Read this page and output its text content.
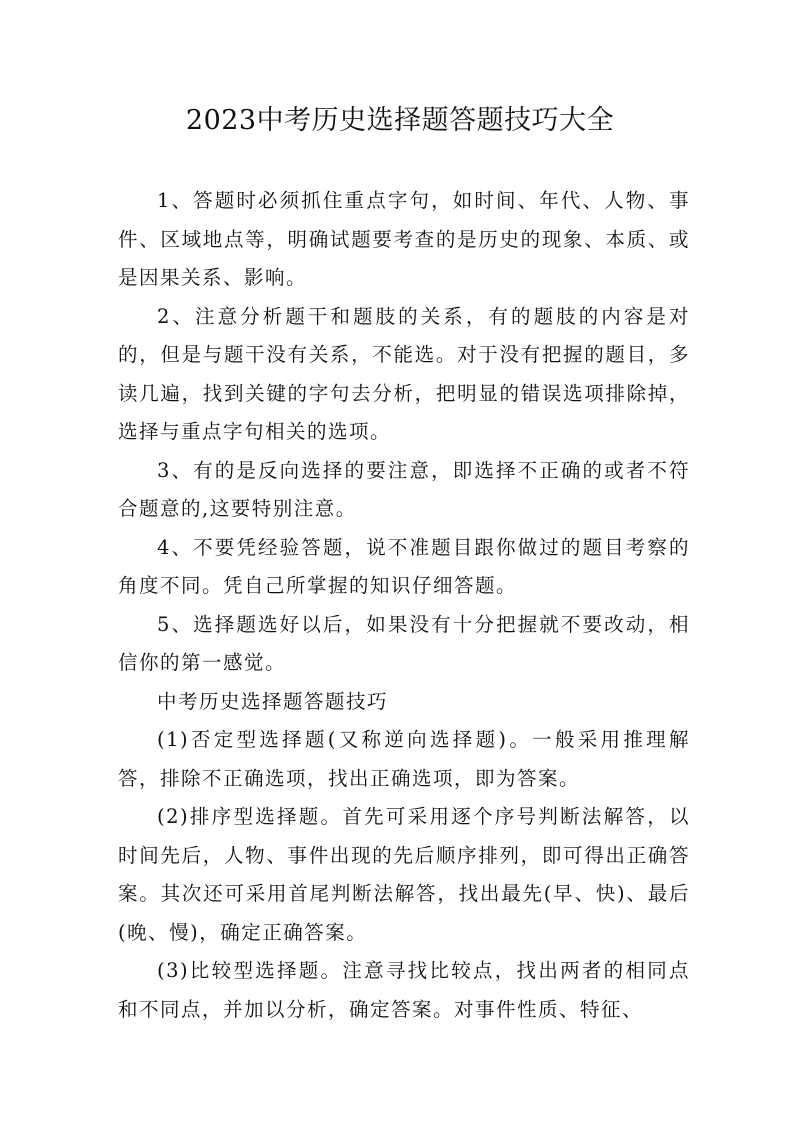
2023中考历史选择题答题技巧大全

1、答题时必须抓住重点字句，如时间、年代、人物、事件、区域地点等，明确试题要考查的是历史的现象、本质、或是因果关系、影响。

2、注意分析题干和题肢的关系，有的题肢的内容是对的，但是与题干没有关系，不能选。对于没有把握的题目，多读几遍，找到关键的字句去分析，把明显的错误选项排除掉，选择与重点字句相关的选项。

3、有的是反向选择的要注意，即选择不正确的或者不符合题意的,这要特别注意。

4、不要凭经验答题，说不准题目跟你做过的题目考察的角度不同。凭自己所掌握的知识仔细答题。

5、选择题选好以后，如果没有十分把握就不要改动，相信你的第一感觉。

中考历史选择题答题技巧

(1)否定型选择题(又称逆向选择题)。一般采用推理解答，排除不正确选项，找出正确选项，即为答案。

(2)排序型选择题。首先可采用逐个序号判断法解答，以时间先后，人物、事件出现的先后顺序排列，即可得出正确答案。其次还可采用首尾判断法解答，找出最先(早、快)、最后(晚、慢)，确定正确答案。

(3)比较型选择题。注意寻找比较点，找出两者的相同点和不同点，并加以分析，确定答案。对事件性质、特征、
